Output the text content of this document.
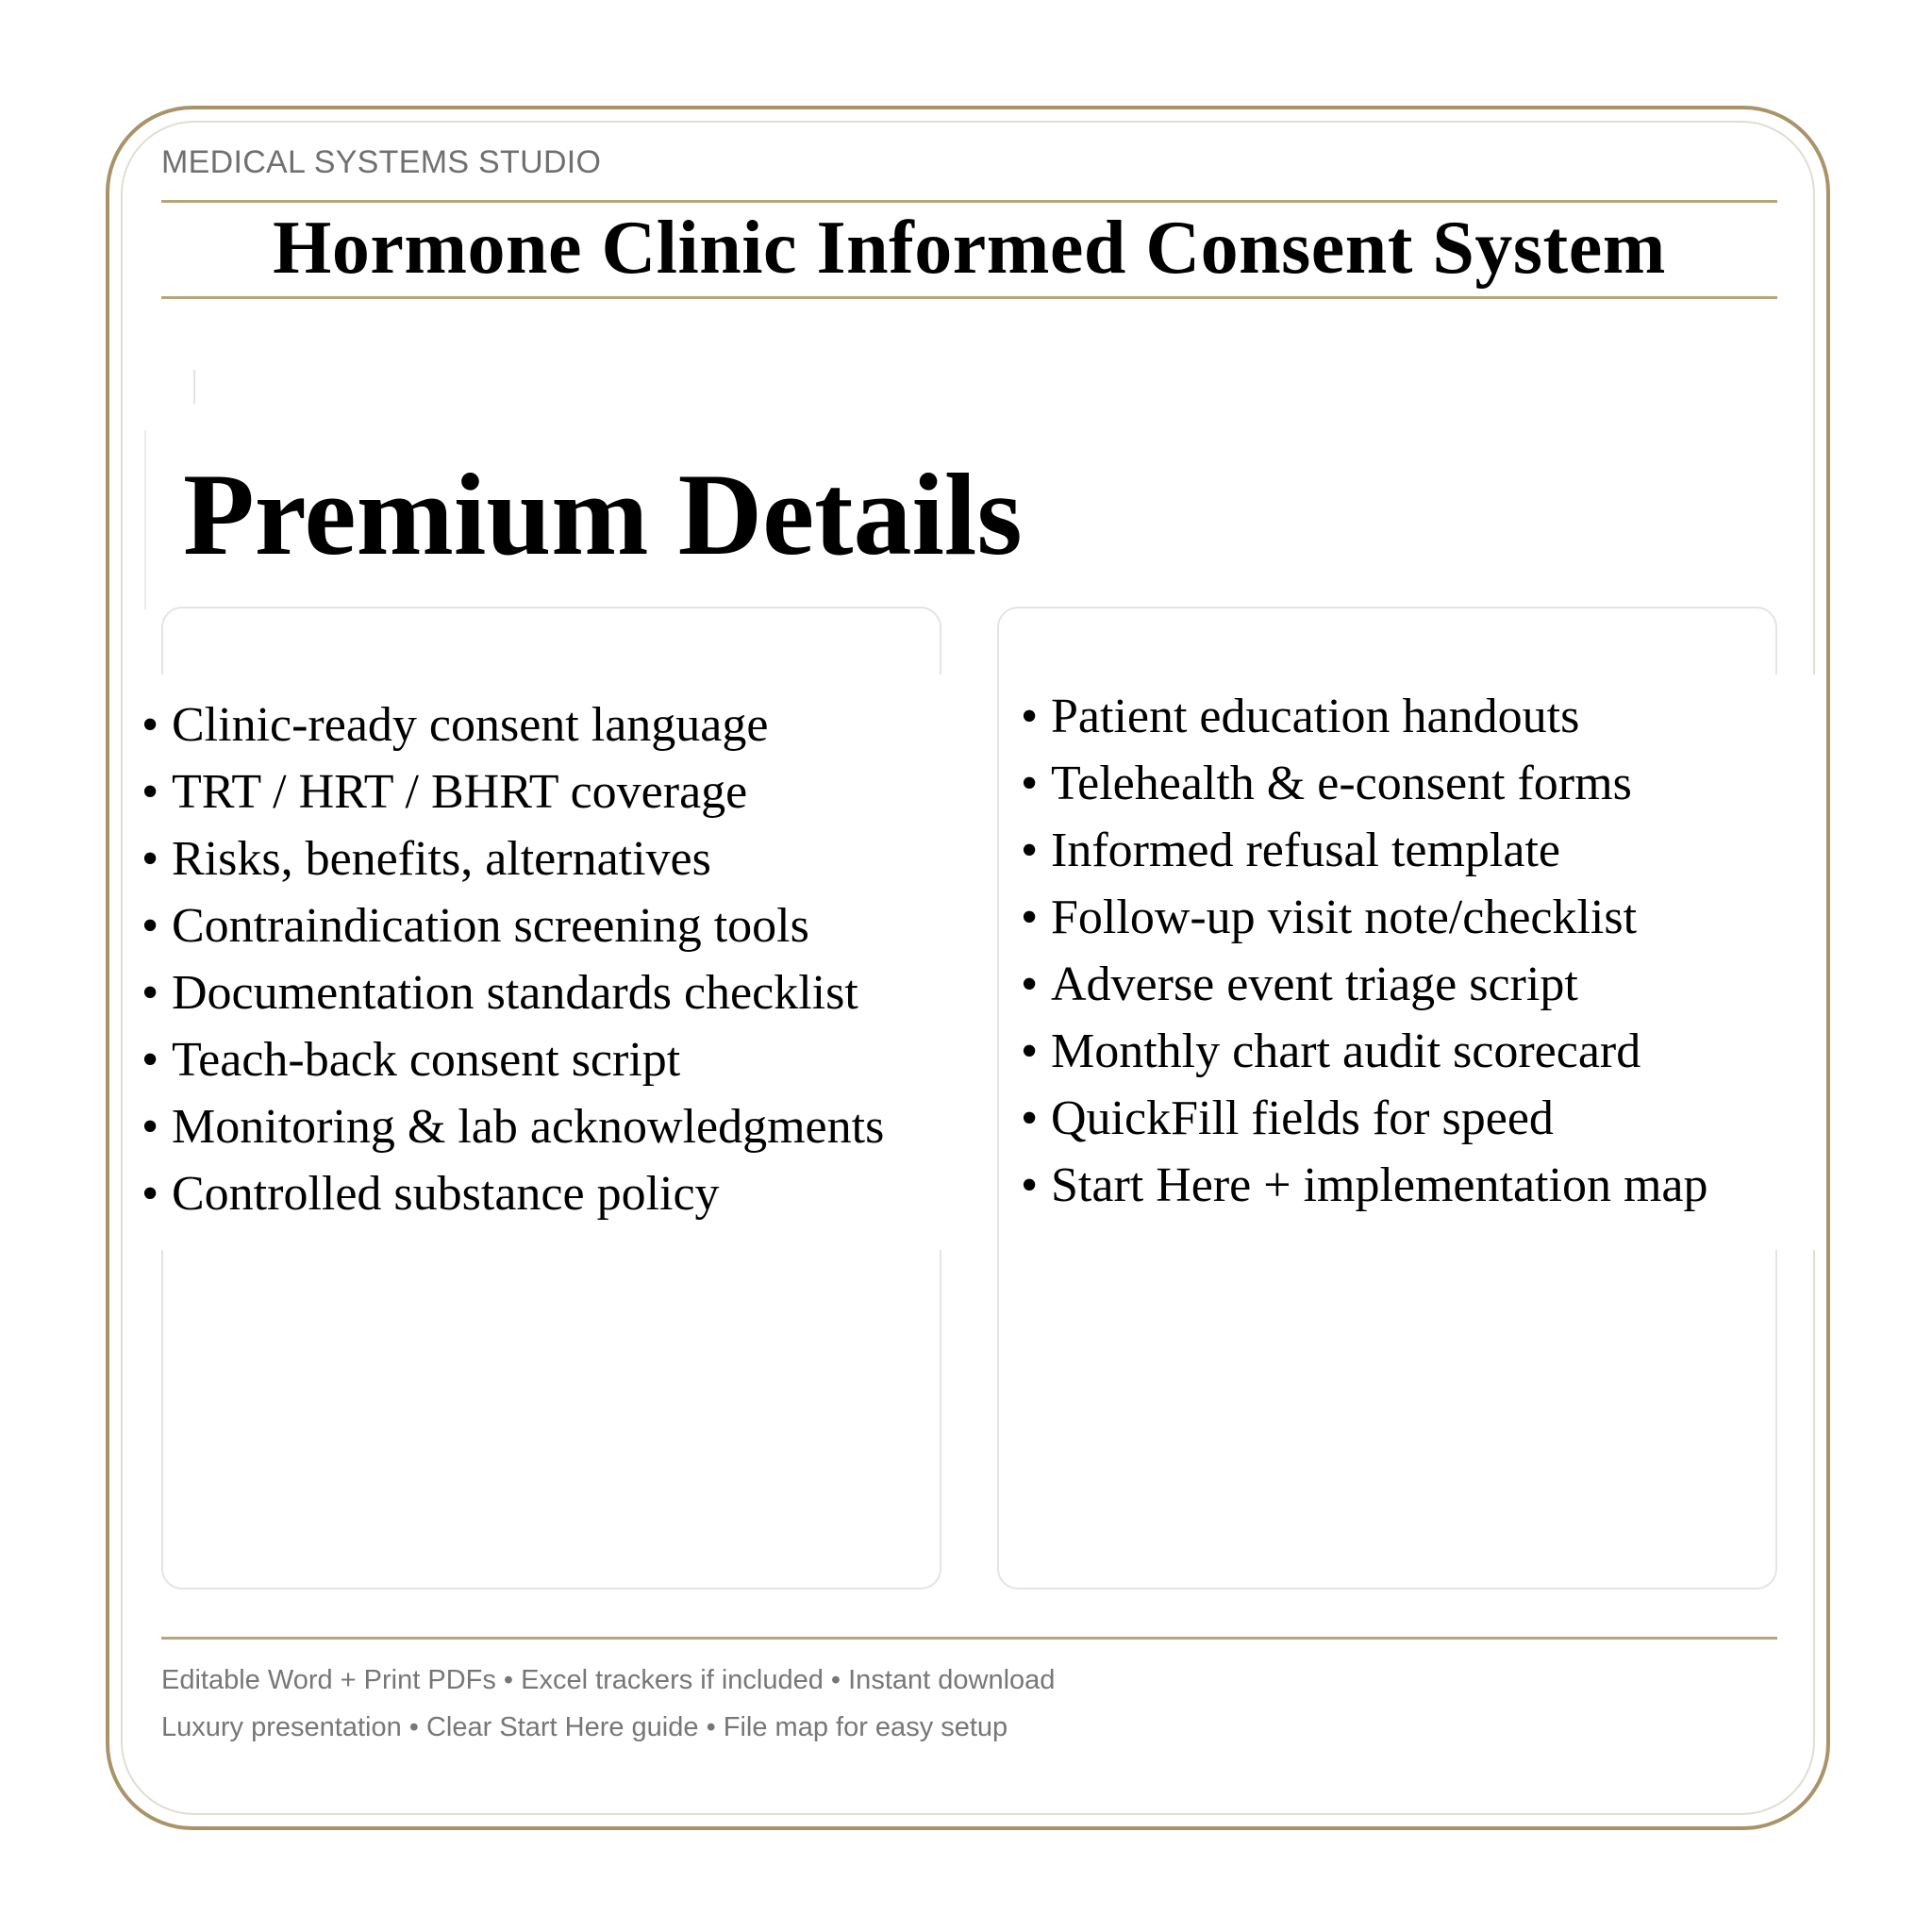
MEDICAL SYSTEMS STUDIO
Hormone Clinic Informed Consent System
Premium Details
• Clinic-ready consent language
• TRT / HRT / BHRT coverage
• Risks, benefits, alternatives
• Contraindication screening tools
• Documentation standards checklist
• Teach-back consent script
• Monitoring & lab acknowledgments
• Controlled substance policy
• Patient education handouts
• Telehealth & e-consent forms
• Informed refusal template
• Follow-up visit note/checklist
• Adverse event triage script
• Monthly chart audit scorecard
• QuickFill fields for speed
• Start Here + implementation map
Editable Word + Print PDFs • Excel trackers if included • Instant download
Luxury presentation • Clear Start Here guide • File map for easy setup
